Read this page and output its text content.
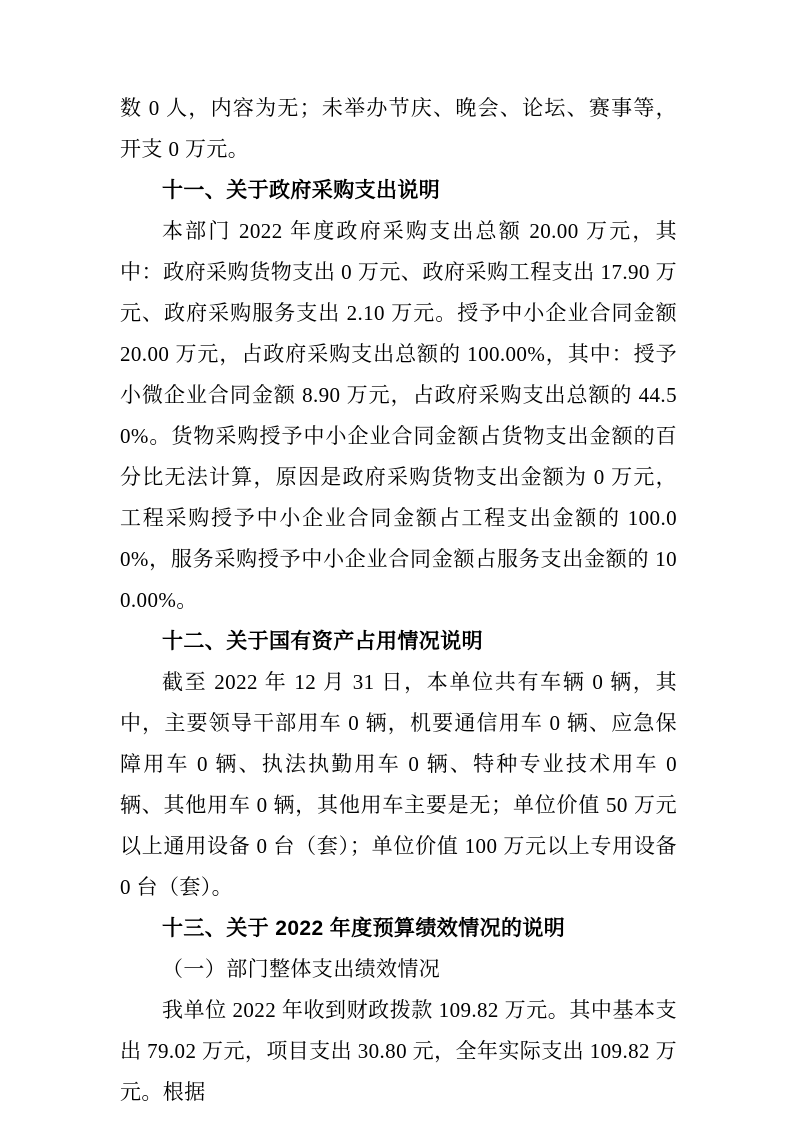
数 0 人，内容为无；未举办节庆、晚会、论坛、赛事等，开支 0 万元。

十一、关于政府采购支出说明

本部门 2022 年度政府采购支出总额 20.00 万元，其中：政府采购货物支出 0 万元、政府采购工程支出 17.90 万元、政府采购服务支出 2.10 万元。授予中小企业合同金额 20.00 万元，占政府采购支出总额的 100.00%，其中：授予小微企业合同金额 8.90 万元，占政府采购支出总额的 44.50%。货物采购授予中小企业合同金额占货物支出金额的百分比无法计算，原因是政府采购货物支出金额为 0 万元，工程采购授予中小企业合同金额占工程支出金额的 100.00%，服务采购授予中小企业合同金额占服务支出金额的 100.00%。

十二、关于国有资产占用情况说明

截至 2022 年 12 月 31 日，本单位共有车辆 0 辆，其中，主要领导干部用车 0 辆，机要通信用车 0 辆、应急保障用车 0 辆、执法执勤用车 0 辆、特种专业技术用车 0 辆、其他用车 0 辆，其他用车主要是无；单位价值 50 万元以上通用设备 0 台（套）；单位价值 100 万元以上专用设备 0 台（套）。

十三、关于 2022 年度预算绩效情况的说明

（一）部门整体支出绩效情况

我单位 2022 年收到财政拨款 109.82 万元。其中基本支出 79.02 万元，项目支出 30.80 元，全年实际支出 109.82 万元。根据
